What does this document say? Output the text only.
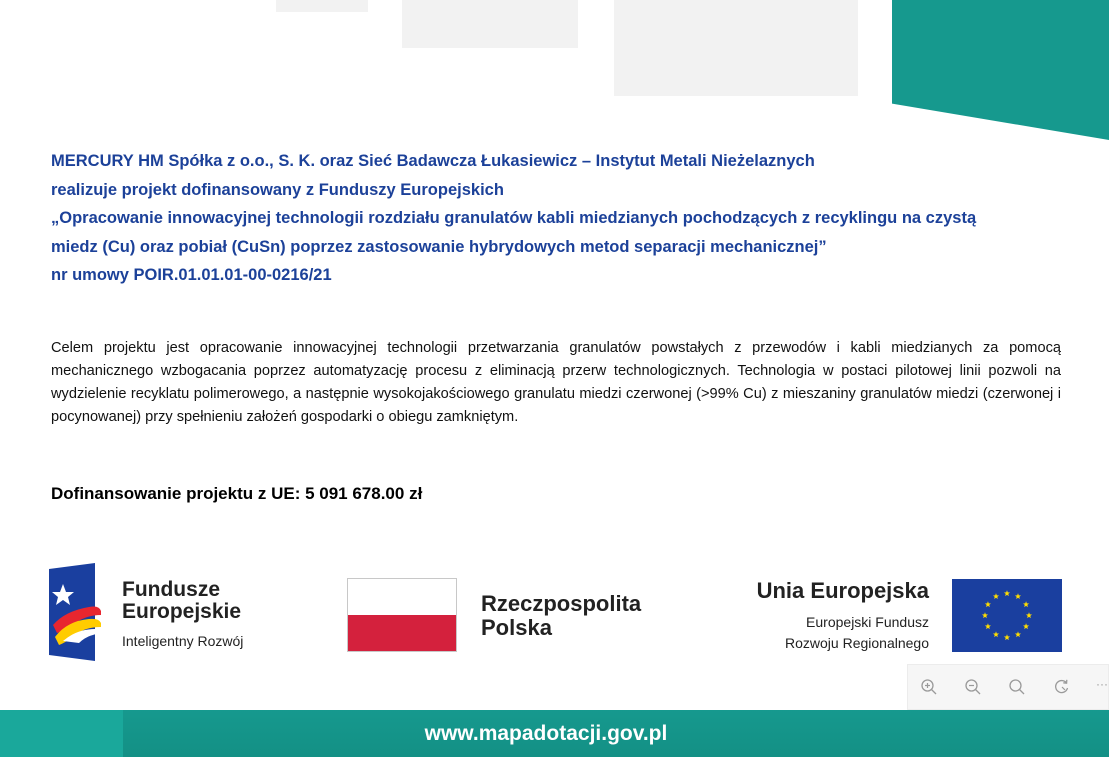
MERCURY HM Spółka z o.o., S. K. oraz Sieć Badawcza Łukasiewicz – Instytut Metali Nieżelaznych
realizuje projekt dofinansowany z Funduszy Europejskich
„Opracowanie innowacyjnej technologii rozdziału granulatów kabli miedzianych pochodzących z recyklingu na czystą
miedz (Cu) oraz pobiał (CuSn) poprzez zastosowanie hybrydowych metod separacji mechanicznej”
nr umowy POIR.01.01.01-00-0216/21
Celem projektu jest opracowanie innowacyjnej technologii przetwarzania granulatów powstałych z przewodów i kabli miedzianych za pomocą mechanicznego wzbogacania poprzez automatyzację procesu z eliminacją przerw technologicznych. Technologia w postaci pilotowej linii pozwoli na wydzielenie recyklatu polimerowego, a następnie wysokojakościowego granulatu miedzi czerwonej (>99% Cu) z mieszaniny granulatów miedzi (czerwonej i pocynowanej) przy spełnieniu założeń gospodarki o obiegu zamkniętym.
Dofinansowanie projektu z UE: 5 091 678.00 zł
Fundusze
Europejskie
Inteligentny Rozwój
Rzeczpospolita
Polska
Unia Europejska
Europejski Fundusz
Rozwoju Regionalnego
···
www.mapadotacji.gov.pl
